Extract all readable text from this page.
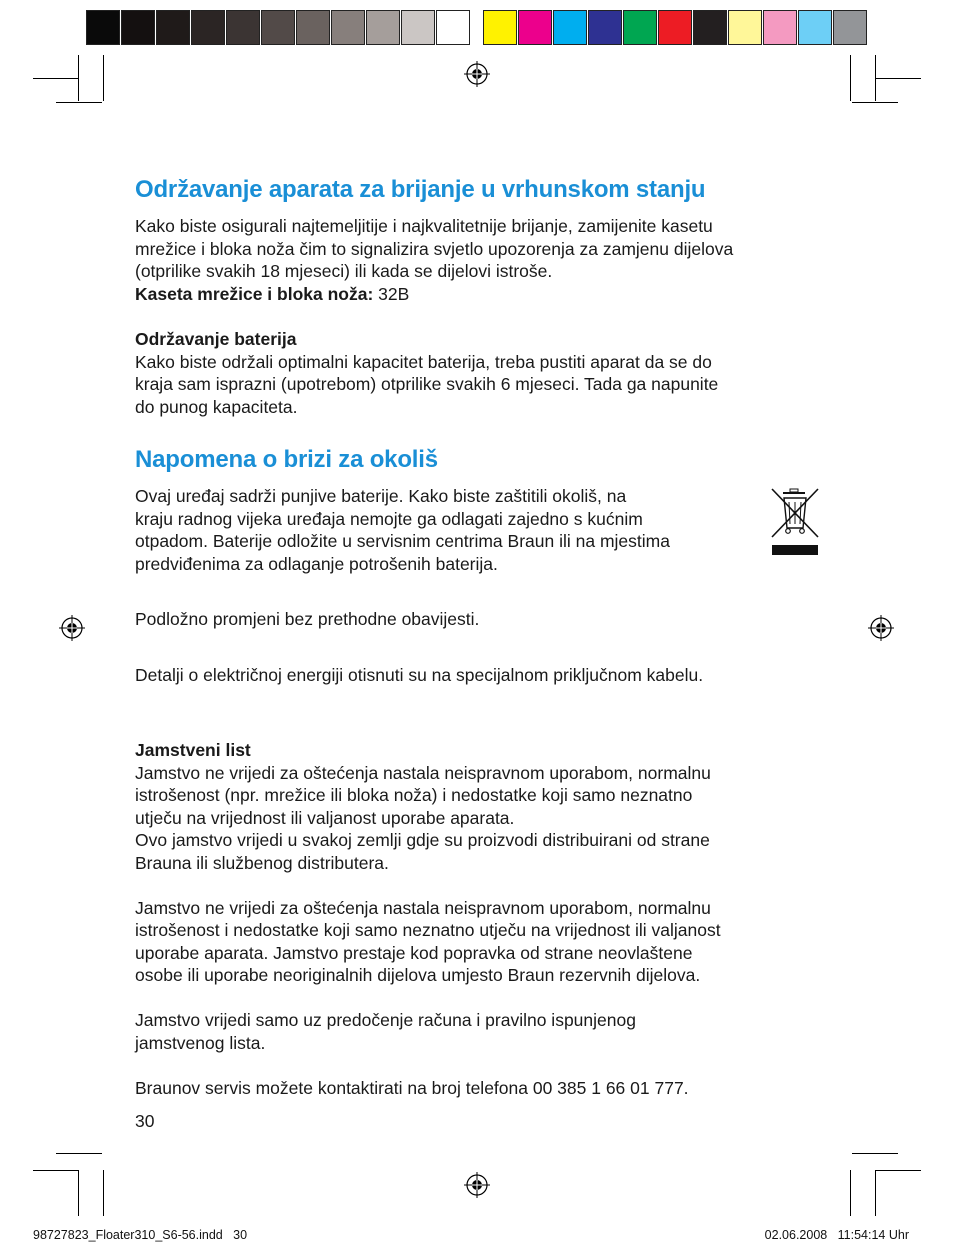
Održavanje aparata za brijanje u vrhunskom stanju
Kako biste osigurali najtemeljitije i najkvalitetnije brijanje, zamijenite kasetu
mrežice i bloka noža čim to signalizira svjetlo upozorenja za zamjenu dijelova
(otprilike svakih 18 mjeseci) ili kada se dijelovi istroše.
Kaseta mrežice i bloka noža: 32B
Održavanje baterija
Kako biste održali optimalni kapacitet baterija, treba pustiti aparat da se do
kraja sam isprazni (upotrebom) otprilike svakih 6 mjeseci. Tada ga napunite
do punog kapaciteta.
Napomena o brizi za okoliš
Ovaj uređaj sadrži punjive baterije. Kako biste zaštitili okoliš, na
kraju radnog vijeka uređaja nemojte ga odlagati zajedno s kućnim
otpadom. Baterije odložite u servisnim centrima Braun ili na mjestima
predviđenima za odlaganje potrošenih baterija.

Podložno promjeni bez prethodne obavijesti.

Detalji o električnoj energiji otisnuti su na specijalnom priključnom kabelu.

Jamstveni list
Jamstvo ne vrijedi za oštećenja nastala neispravnom uporabom, normalnu
istrošenost (npr. mrežice ili bloka noža) i nedostatke koji samo neznatno
utječu na vrijednost ili valjanost uporabe aparata.
Ovo jamstvo vrijedi u svakoj zemlji gdje su proizvodi distribuirani od strane
Brauna ili službenog distributera.
Jamstvo ne vrijedi za oštećenja nastala neispravnom uporabom, normalnu
istrošenost i nedostatke koji samo neznatno utječu na vrijednost ili valjanost
uporabe aparata. Jamstvo prestaje kod popravka od strane neovlaštene
osobe ili uporabe neoriginalnih dijelova umjesto Braun rezervnih dijelova.
Jamstvo vrijedi samo uz predočenje računa i pravilno ispunjenog
jamstvenog lista.
Braunov servis možete kontaktirati na broj telefona 00 385 1 66 01 777.
30
98727823_Floater310_S6-56.indd   30	02.06.2008   11:54:14 Uhr
